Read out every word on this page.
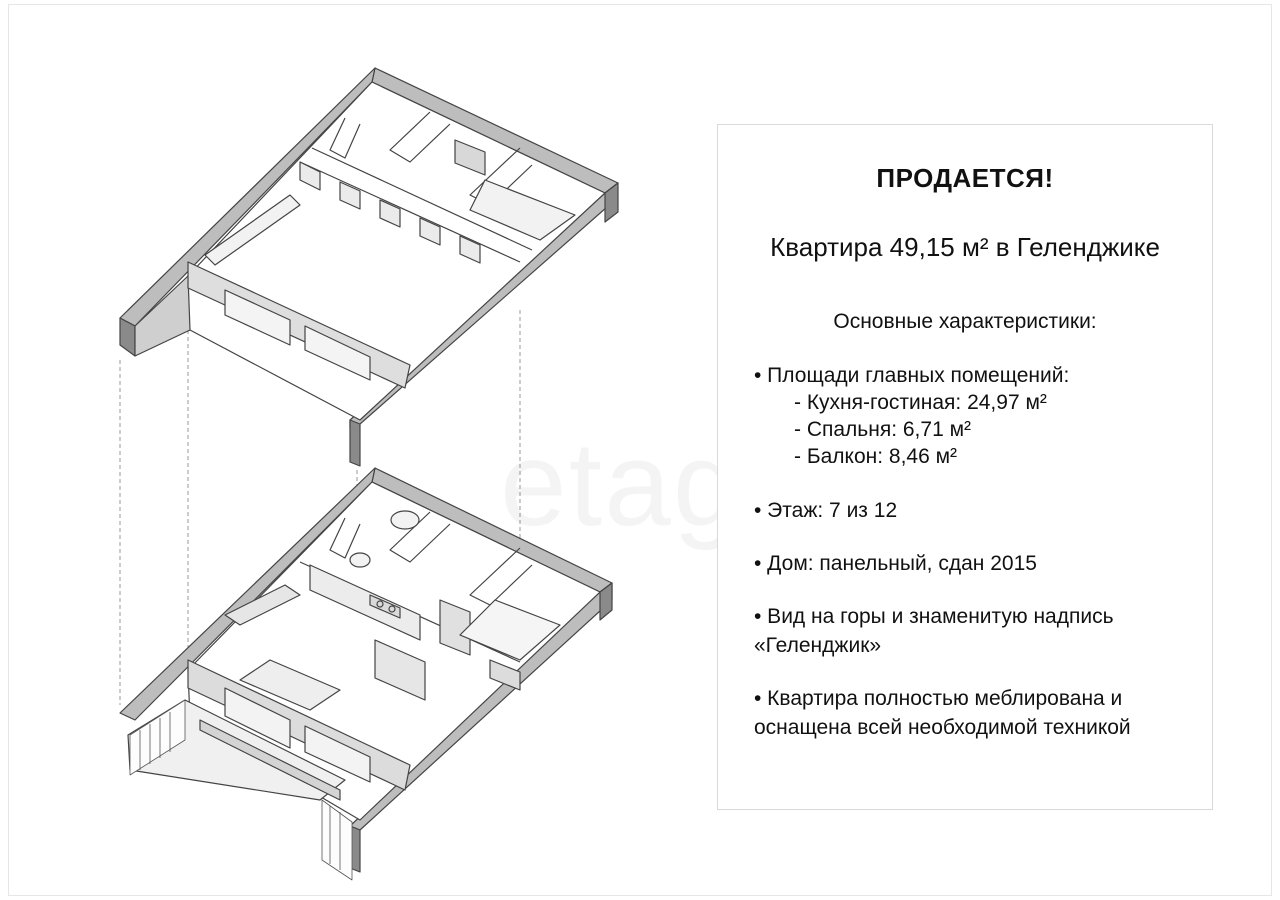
ПРОДАЕТСЯ!
Квартира 49,15 м² в Геленджике
Основные характеристики:
• Площади главных помещений:
- Кухня-гостиная: 24,97 м²
- Спальня: 6,71 м²
- Балкон: 8,46 м²
• Этаж: 7 из 12
• Дом: панельный, сдан 2015
• Вид на горы и знаменитую надпись
«Геленджик»
• Квартира полностью меблирована и
оснащена всей необходимой техникой
